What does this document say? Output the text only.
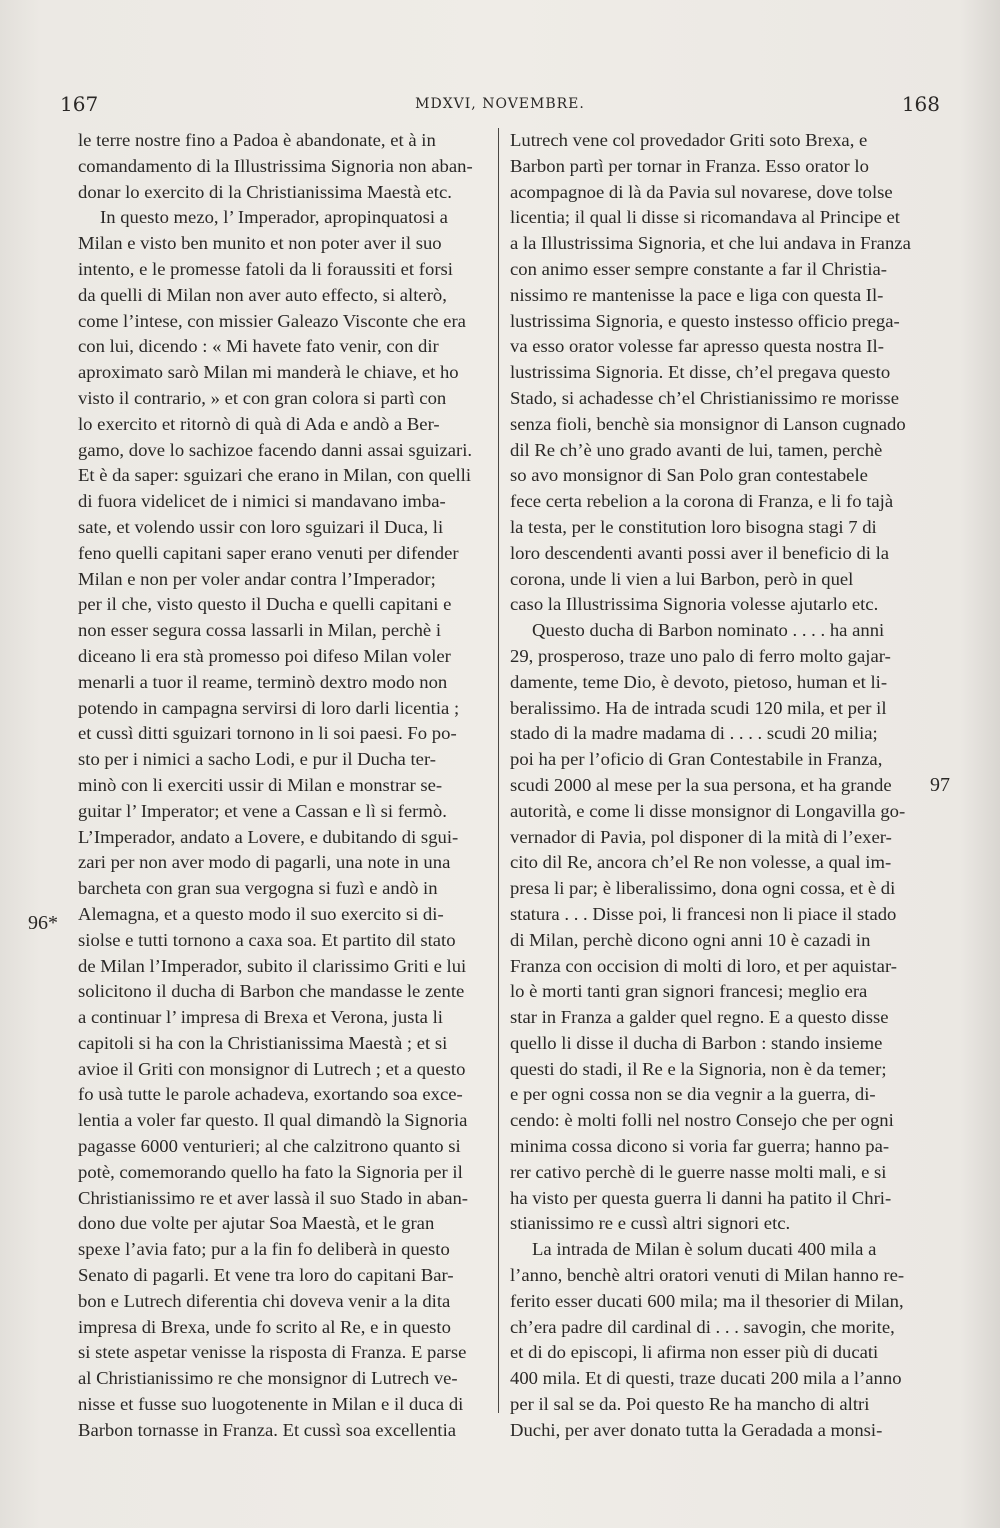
167	MDXVI, NOVEMBRE.	168
le terre nostre fino a Padoa è abandonate, et à in
comandamento di la Illustrissima Signoria non aban-
donar lo exercito di la Christianissima Maestà etc.
In questo mezo, l’ Imperador, apropinquatosi a
Milan e visto ben munito et non poter aver il suo
intento, e le promesse fatoli da li foraussiti et forsi
da quelli di Milan non aver auto effecto, si alterò,
come l’intese, con missier Galeazo Visconte che era
con lui, dicendo : « Mi havete fato venir, con dir
aproximato sarò Milan mi manderà le chiave, et ho
visto il contrario, » et con gran colora si partì con
lo exercito et ritornò di quà di Ada e andò a Ber-
gamo, dove lo sachizoe facendo danni assai sguizari.
Et è da saper: sguizari che erano in Milan, con quelli
di fuora videlicet de i nimici si mandavano imba-
sate, et volendo ussir con loro sguizari il Duca, li
feno quelli capitani saper erano venuti per difender
Milan e non per voler andar contra l’Imperador;
per il che, visto questo il Ducha e quelli capitani e
non esser segura cossa lassarli in Milan, perchè i
diceano li era stà promesso poi difeso Milan voler
menarli a tuor il reame, terminò dextro modo non
potendo in campagna servirsi di loro darli licentia ;
et cussì ditti sguizari tornono in li soi paesi. Fo po-
sto per i nimici a sacho Lodi, e pur il Ducha ter-
minò con li exerciti ussir di Milan e monstrar se-
guitar l’ Imperator; et vene a Cassan e lì si fermò.
L’Imperador, andato a Lovere, e dubitando di sgui-
zari per non aver modo di pagarli, una note in una
barcheta con gran sua vergogna si fuzì e andò in
Alemagna, et a questo modo il suo exercito si di-
siolse e tutti tornono a caxa soa. Et partito dil stato
de Milan l’Imperador, subito il clarissimo Griti e lui
solicitono il ducha di Barbon che mandasse le zente
a continuar l’ impresa di Brexa et Verona, justa li
capitoli si ha con la Christianissima Maestà ; et si
avioe il Griti con monsignor di Lutrech ; et a questo
fo usà tutte le parole achadeva, exortando soa exce-
lentia a voler far questo. Il qual dimandò la Signoria
pagasse 6000 venturieri; al che calzitrono quanto si
potè, comemorando quello ha fato la Signoria per il
Christianissimo re et aver lassà il suo Stado in aban-
dono due volte per ajutar Soa Maestà, et le gran
spexe l’avia fato; pur a la fin fo deliberà in questo
Senato di pagarli. Et vene tra loro do capitani Bar-
bon e Lutrech diferentia chi doveva venir a la dita
impresa di Brexa, unde fo scrito al Re, e in questo
si stete aspetar venisse la risposta di Franza. E parse
al Christianissimo re che monsignor di Lutrech ve-
nisse et fusse suo luogotenente in Milan e il duca di
Barbon tornasse in Franza. Et cussì soa excellentia
Lutrech vene col provedador Griti soto Brexa, e
Barbon partì per tornar in Franza. Esso orator lo
acompagnoe di là da Pavia sul novarese, dove tolse
licentia; il qual li disse si ricomandava al Principe et
a la Illustrissima Signoria, et che lui andava in Franza
con animo esser sempre constante a far il Christia-
nissimo re mantenisse la pace e liga con questa Il-
lustrissima Signoria, e questo instesso officio prega-
va esso orator volesse far apresso questa nostra Il-
lustrissima Signoria. Et disse, ch’el pregava questo
Stado, si achadesse ch’el Christianissimo re morisse
senza fioli, benchè sia monsignor di Lanson cugnado
dil Re ch’è uno grado avanti de lui, tamen, perchè
so avo monsignor di San Polo gran contestabele
fece certa rebelion a la corona di Franza, e li fo tajà
la testa, per le constitution loro bisogna stagi 7 di
loro descendenti avanti possi aver il beneficio di la
corona, unde li vien a lui Barbon, però in quel
caso la Illustrissima Signoria volesse ajutarlo etc.
Questo ducha di Barbon nominato . . . . ha anni
29, prosperoso, traze uno palo di ferro molto gajar-
damente, teme Dio, è devoto, pietoso, human et li-
beralissimo. Ha de intrada scudi 120 mila, et per il
stado di la madre madama di . . . . scudi 20 milia;
poi ha per l’oficio di Gran Contestabile in Franza,
scudi 2000 al mese per la sua persona, et ha grande
autorità, e come li disse monsignor di Longavilla go-
vernador di Pavia, pol disponer di la mità di l’exer-
cito dil Re, ancora ch’el Re non volesse, a qual im-
presa li par; è liberalissimo, dona ogni cossa, et è di
statura . . . Disse poi, li francesi non li piace il stado
di Milan, perchè dicono ogni anni 10 è cazadi in
Franza con occision di molti di loro, et per aquistar-
lo è morti tanti gran signori francesi; meglio era
star in Franza a galder quel regno. E a questo disse
quello li disse il ducha di Barbon : stando insieme
questi do stadi, il Re e la Signoria, non è da temer;
e per ogni cossa non se dia vegnir a la guerra, di-
cendo: è molti folli nel nostro Consejo che per ogni
minima cossa dicono si voria far guerra; hanno pa-
rer cativo perchè di le guerre nasse molti mali, e si
ha visto per questa guerra li danni ha patito il Chri-
stianissimo re e cussì altri signori etc.
La intrada de Milan è solum ducati 400 mila a
l’anno, benchè altri oratori venuti di Milan hanno re-
ferito esser ducati 600 mila; ma il thesorier di Milan,
ch’era padre dil cardinal di . . . savogin, che morite,
et di do episcopi, li afirma non esser più di ducati
400 mila. Et di questi, traze ducati 200 mila a l’anno
per il sal se da. Poi questo Re ha mancho di altri
Duchi, per aver donato tutta la Geradada a monsi-
96*
97
